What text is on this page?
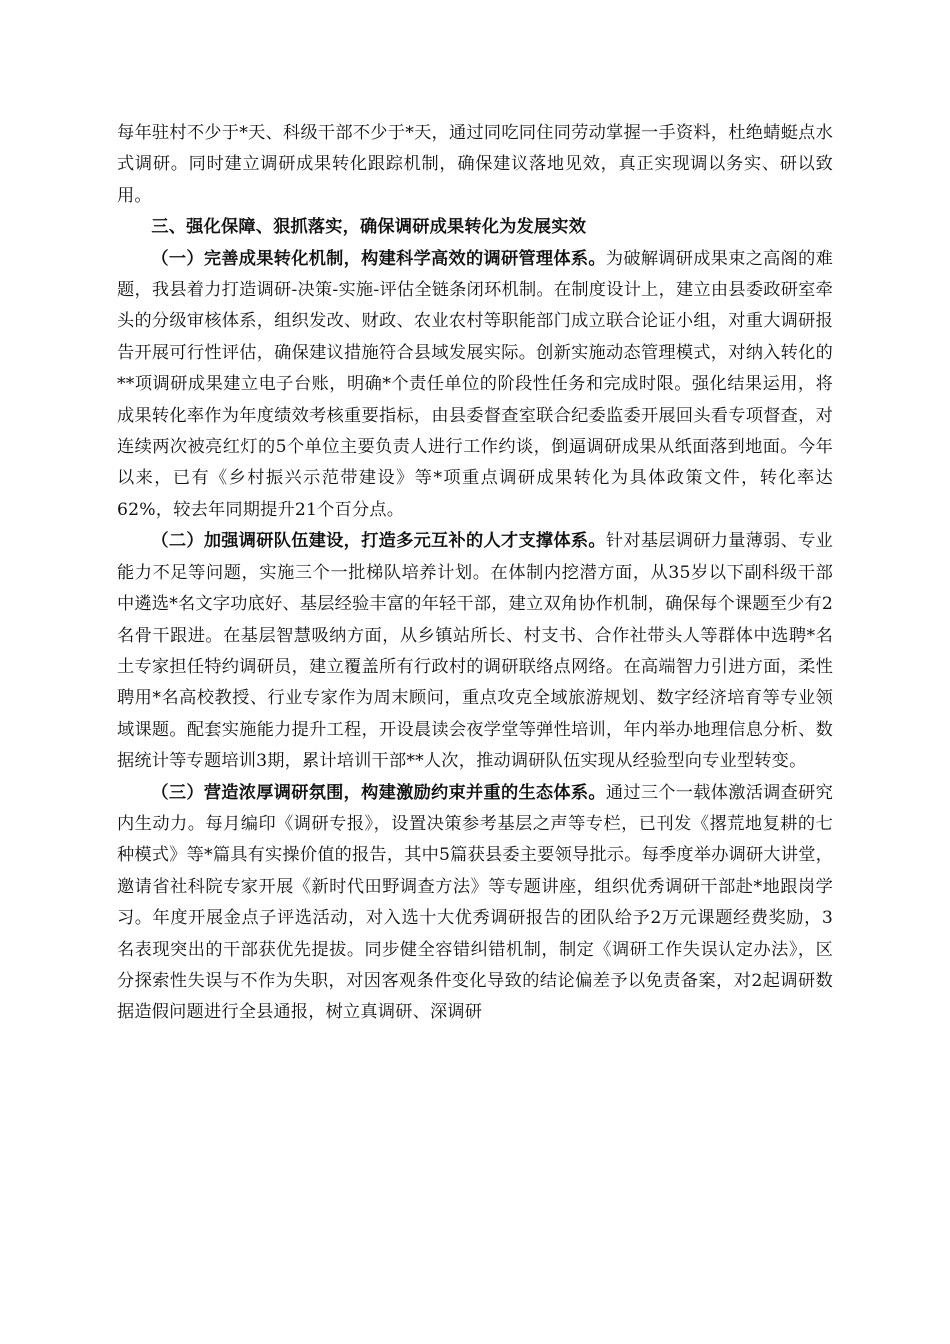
每年驻村不少于*天、科级干部不少于*天，通过同吃同住同劳动掌握一手资料，杜绝蜻蜓点水式调研。同时建立调研成果转化跟踪机制，确保建议落地见效，真正实现调以务实、研以致用。

三、强化保障、狠抓落实，确保调研成果转化为发展实效

（一）完善成果转化机制，构建科学高效的调研管理体系。为破解调研成果束之高阁的难题，我县着力打造调研-决策-实施-评估全链条闭环机制。在制度设计上，建立由县委政研室牵头的分级审核体系，组织发改、财政、农业农村等职能部门成立联合论证小组，对重大调研报告开展可行性评估，确保建议措施符合县域发展实际。创新实施动态管理模式，对纳入转化的**项调研成果建立电子台账，明确*个责任单位的阶段性任务和完成时限。强化结果运用，将成果转化率作为年度绩效考核重要指标，由县委督查室联合纪委监委开展回头看专项督查，对连续两次被亮红灯的5个单位主要负责人进行工作约谈，倒逼调研成果从纸面落到地面。今年以来，已有《乡村振兴示范带建设》等*项重点调研成果转化为具体政策文件，转化率达62%，较去年同期提升21个百分点。

（二）加强调研队伍建设，打造多元互补的人才支撑体系。针对基层调研力量薄弱、专业能力不足等问题，实施三个一批梯队培养计划。在体制内挖潜方面，从35岁以下副科级干部中遴选*名文字功底好、基层经验丰富的年轻干部，建立双角协作机制，确保每个课题至少有2名骨干跟进。在基层智慧吸纳方面，从乡镇站所长、村支书、合作社带头人等群体中选聘*名土专家担任特约调研员，建立覆盖所有行政村的调研联络点网络。在高端智力引进方面，柔性聘用*名高校教授、行业专家作为周末顾问，重点攻克全域旅游规划、数字经济培育等专业领域课题。配套实施能力提升工程，开设晨读会夜学堂等弹性培训，年内举办地理信息分析、数据统计等专题培训3期，累计培训干部**人次，推动调研队伍实现从经验型向专业型转变。

（三）营造浓厚调研氛围，构建激励约束并重的生态体系。通过三个一载体激活调查研究内生动力。每月编印《调研专报》，设置决策参考基层之声等专栏，已刊发《撂荒地复耕的七种模式》等*篇具有实操价值的报告，其中5篇获县委主要领导批示。每季度举办调研大讲堂，邀请省社科院专家开展《新时代田野调查方法》等专题讲座，组织优秀调研干部赴*地跟岗学习。年度开展金点子评选活动，对入选十大优秀调研报告的团队给予2万元课题经费奖励，3名表现突出的干部获优先提拔。同步健全容错纠错机制，制定《调研工作失误认定办法》，区分探索性失误与不作为失职，对因客观条件变化导致的结论偏差予以免责备案，对2起调研数据造假问题进行全县通报，树立真调研、深调研
